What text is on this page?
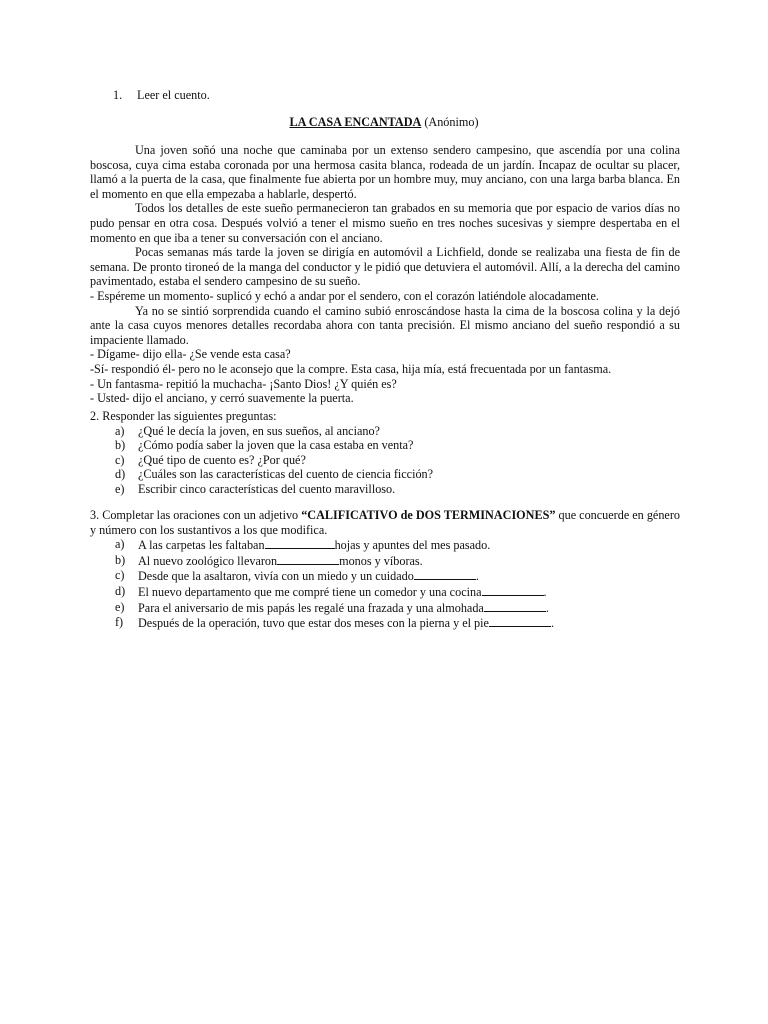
1. Leer el cuento.
LA CASA ENCANTADA (Anónimo)

Una joven soñó una noche que caminaba por un extenso sendero campesino, que ascendía por una colina boscosa, cuya cima estaba coronada por una hermosa casita blanca, rodeada de un jardín. Incapaz de ocultar su placer, llamó a la puerta de la casa, que finalmente fue abierta por un hombre muy, muy anciano, con una larga barba blanca. En el momento en que ella empezaba a hablarle, despertó.

Todos los detalles de este sueño permanecieron tan grabados en su memoria que por espacio de varios días no pudo pensar en otra cosa. Después volvió a tener el mismo sueño en tres noches sucesivas y siempre despertaba en el momento en que iba a tener su conversación con el anciano.

Pocas semanas más tarde la joven se dirigía en automóvil a Lichfield, donde se realizaba una fiesta de fin de semana. De pronto tironeó de la manga del conductor y le pidió que detuviera el automóvil. Allí, a la derecha del camino pavimentado, estaba el sendero campesino de su sueño.

- Espéreme un momento- suplicó y echó a andar por el sendero, con el corazón latiéndole alocadamente.

Ya no se sintió sorprendida cuando el camino subió enroscándose hasta la cima de la boscosa colina y la dejó ante la casa cuyos menores detalles recordaba ahora con tanta precisión. El mismo anciano del sueño respondió a su impaciente llamado.

- Dígame- dijo ella- ¿Se vende esta casa?

-Sí- respondió él- pero no le aconsejo que la compre. Esta casa, hija mía, está frecuentada por un fantasma.

- Un fantasma- repitió la muchacha- ¡Santo Dios! ¿Y quién es?

- Usted- dijo el anciano, y cerró suavemente la puerta.

2. Responder las siguientes preguntas:

a) ¿Qué le decía la joven, en sus sueños, al anciano?
b) ¿Cómo podía saber la joven que la casa estaba en venta?
c) ¿Qué tipo de cuento es? ¿Por qué?
d) ¿Cuáles son las características del cuento de ciencia ficción?
e) Escribir cinco características del cuento maravilloso.

3. Completar las oraciones con un adjetivo “CALIFICATIVO de DOS TERMINACIONES” que concuerde en género y número con los sustantivos a los que modifica.

a) A las carpetas les faltaban	hojas y apuntes del mes pasado.
b) Al nuevo zoológico llevaron	monos y víboras.
c) Desde que la asaltaron, vivía con un miedo y un cuidado	.
d) El nuevo departamento que me compré tiene un comedor y una cocina	.
e) Para el aniversario de mis papás les regalé una frazada y una almohada	.
f) Después de la operación, tuvo que estar dos meses con la pierna y el pie	.
